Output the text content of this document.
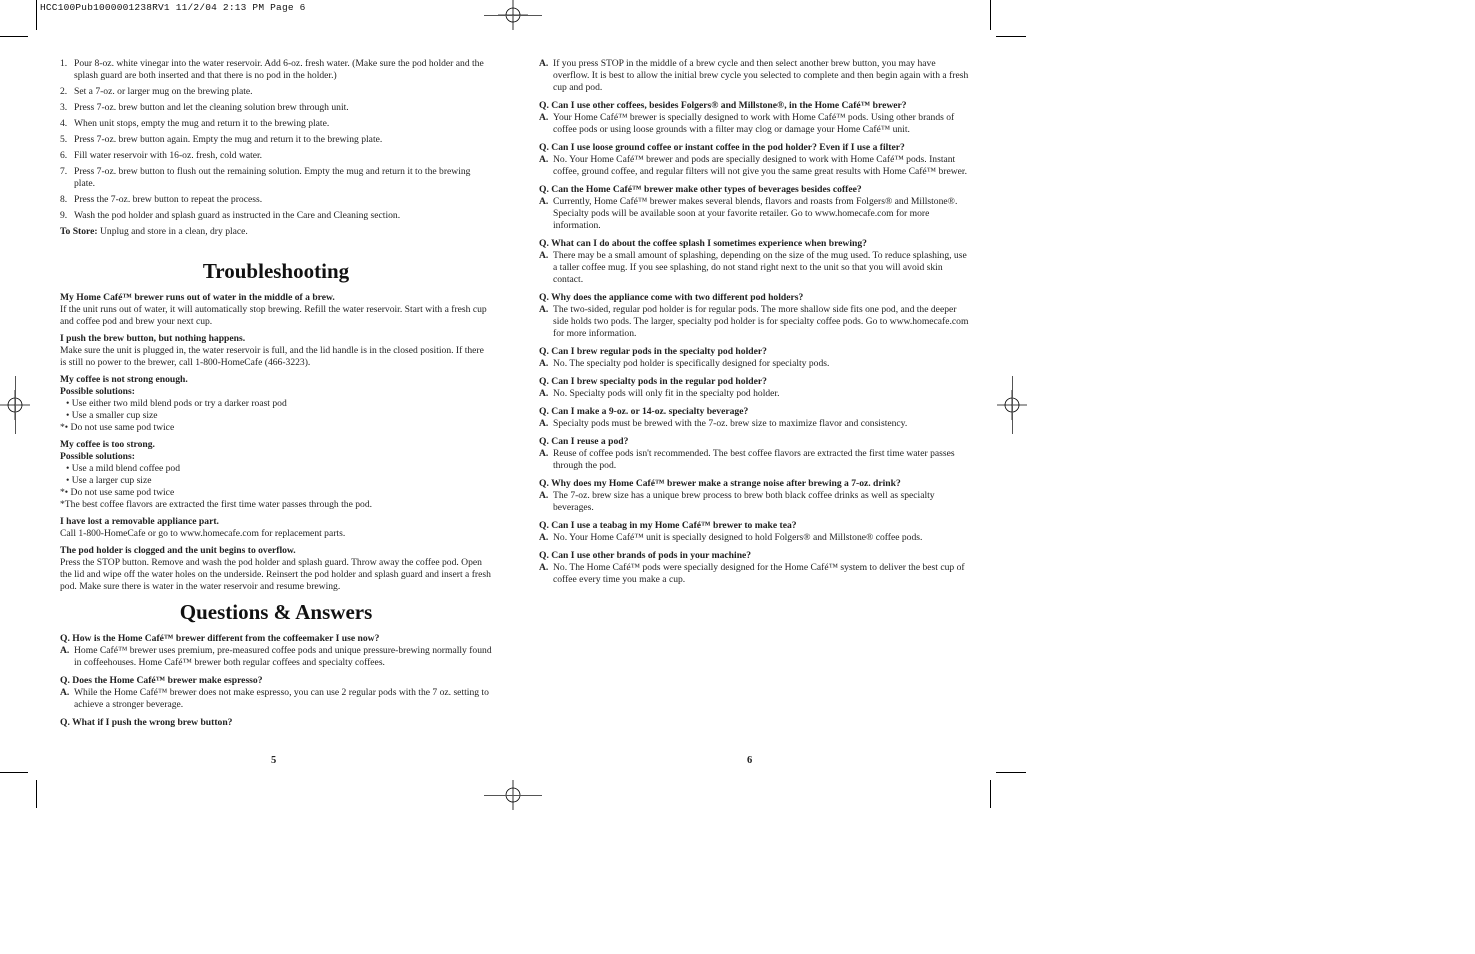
HCC100Pub1000001238RV1 11/2/04 2:13 PM Page 6
1. Pour 8-oz. white vinegar into the water reservoir. Add 6-oz. fresh water. (Make sure the pod holder and the splash guard are both inserted and that there is no pod in the holder.)
2. Set a 7-oz. or larger mug on the brewing plate.
3. Press 7-oz. brew button and let the cleaning solution brew through unit.
4. When unit stops, empty the mug and return it to the brewing plate.
5. Press 7-oz. brew button again. Empty the mug and return it to the brewing plate.
6. Fill water reservoir with 16-oz. fresh, cold water.
7. Press 7-oz. brew button to flush out the remaining solution. Empty the mug and return it to the brewing plate.
8. Press the 7-oz. brew button to repeat the process.
9. Wash the pod holder and splash guard as instructed in the Care and Cleaning section.
To Store: Unplug and store in a clean, dry place.
Troubleshooting
My Home Café™ brewer runs out of water in the middle of a brew.
If the unit runs out of water, it will automatically stop brewing. Refill the water reservoir. Start with a fresh cup and coffee pod and brew your next cup.
I push the brew button, but nothing happens.
Make sure the unit is plugged in, the water reservoir is full, and the lid handle is in the closed position. If there is still no power to the brewer, call 1-800-HomeCafe (466-3223).
My coffee is not strong enough.
Possible solutions:
• Use either two mild blend pods or try a darker roast pod
• Use a smaller cup size
*• Do not use same pod twice
My coffee is too strong.
Possible solutions:
• Use a mild blend coffee pod
• Use a larger cup size
*• Do not use same pod twice
*The best coffee flavors are extracted the first time water passes through the pod.
I have lost a removable appliance part.
Call 1-800-HomeCafe or go to www.homecafe.com for replacement parts.
The pod holder is clogged and the unit begins to overflow.
Press the STOP button. Remove and wash the pod holder and splash guard. Throw away the coffee pod. Open the lid and wipe off the water holes on the underside. Reinsert the pod holder and splash guard and insert a fresh pod. Make sure there is water in the water reservoir and resume brewing.
Questions & Answers
Q. How is the Home Café™ brewer different from the coffeemaker I use now?
A. Home Café™ brewer uses premium, pre-measured coffee pods and unique pressure-brewing normally found in coffeehouses. Home Café™ brewer both regular coffees and specialty coffees.
Q. Does the Home Café™ brewer make espresso?
A. While the Home Café™ brewer does not make espresso, you can use 2 regular pods with the 7 oz. setting to achieve a stronger beverage.
Q. What if I push the wrong brew button?
5
A. If you press STOP in the middle of a brew cycle and then select another brew button, you may have overflow. It is best to allow the initial brew cycle you selected to complete and then begin again with a fresh cup and pod.
Q. Can I use other coffees, besides Folgers® and Millstone®, in the Home Café™ brewer?
A. Your Home Café™ brewer is specially designed to work with Home Café™ pods. Using other brands of coffee pods or using loose grounds with a filter may clog or damage your Home Café™ unit.
Q. Can I use loose ground coffee or instant coffee in the pod holder? Even if I use a filter?
A. No. Your Home Café™ brewer and pods are specially designed to work with Home Café™ pods. Instant coffee, ground coffee, and regular filters will not give you the same great results with Home Café™ brewer.
Q. Can the Home Café™ brewer make other types of beverages besides coffee?
A. Currently, Home Café™ brewer makes several blends, flavors and roasts from Folgers® and Millstone®. Specialty pods will be available soon at your favorite retailer. Go to www.homecafe.com for more information.
Q. What can I do about the coffee splash I sometimes experience when brewing?
A. There may be a small amount of splashing, depending on the size of the mug used. To reduce splashing, use a taller coffee mug. If you see splashing, do not stand right next to the unit so that you will avoid skin contact.
Q. Why does the appliance come with two different pod holders?
A. The two-sided, regular pod holder is for regular pods. The more shallow side fits one pod, and the deeper side holds two pods. The larger, specialty pod holder is for specialty coffee pods. Go to www.homecafe.com for more information.
Q. Can I brew regular pods in the specialty pod holder?
A. No. The specialty pod holder is specifically designed for specialty pods.
Q. Can I brew specialty pods in the regular pod holder?
A. No. Specialty pods will only fit in the specialty pod holder.
Q. Can I make a 9-oz. or 14-oz. specialty beverage?
A. Specialty pods must be brewed with the 7-oz. brew size to maximize flavor and consistency.
Q. Can I reuse a pod?
A. Reuse of coffee pods isn't recommended. The best coffee flavors are extracted the first time water passes through the pod.
Q. Why does my Home Café™ brewer make a strange noise after brewing a 7-oz. drink?
A. The 7-oz. brew size has a unique brew process to brew both black coffee drinks as well as specialty beverages.
Q. Can I use a teabag in my Home Café™ brewer to make tea?
A. No. Your Home Café™ unit is specially designed to hold Folgers® and Millstone® coffee pods.
Q. Can I use other brands of pods in your machine?
A. No. The Home Café™ pods were specially designed for the Home Café™ system to deliver the best cup of coffee every time you make a cup.
6
